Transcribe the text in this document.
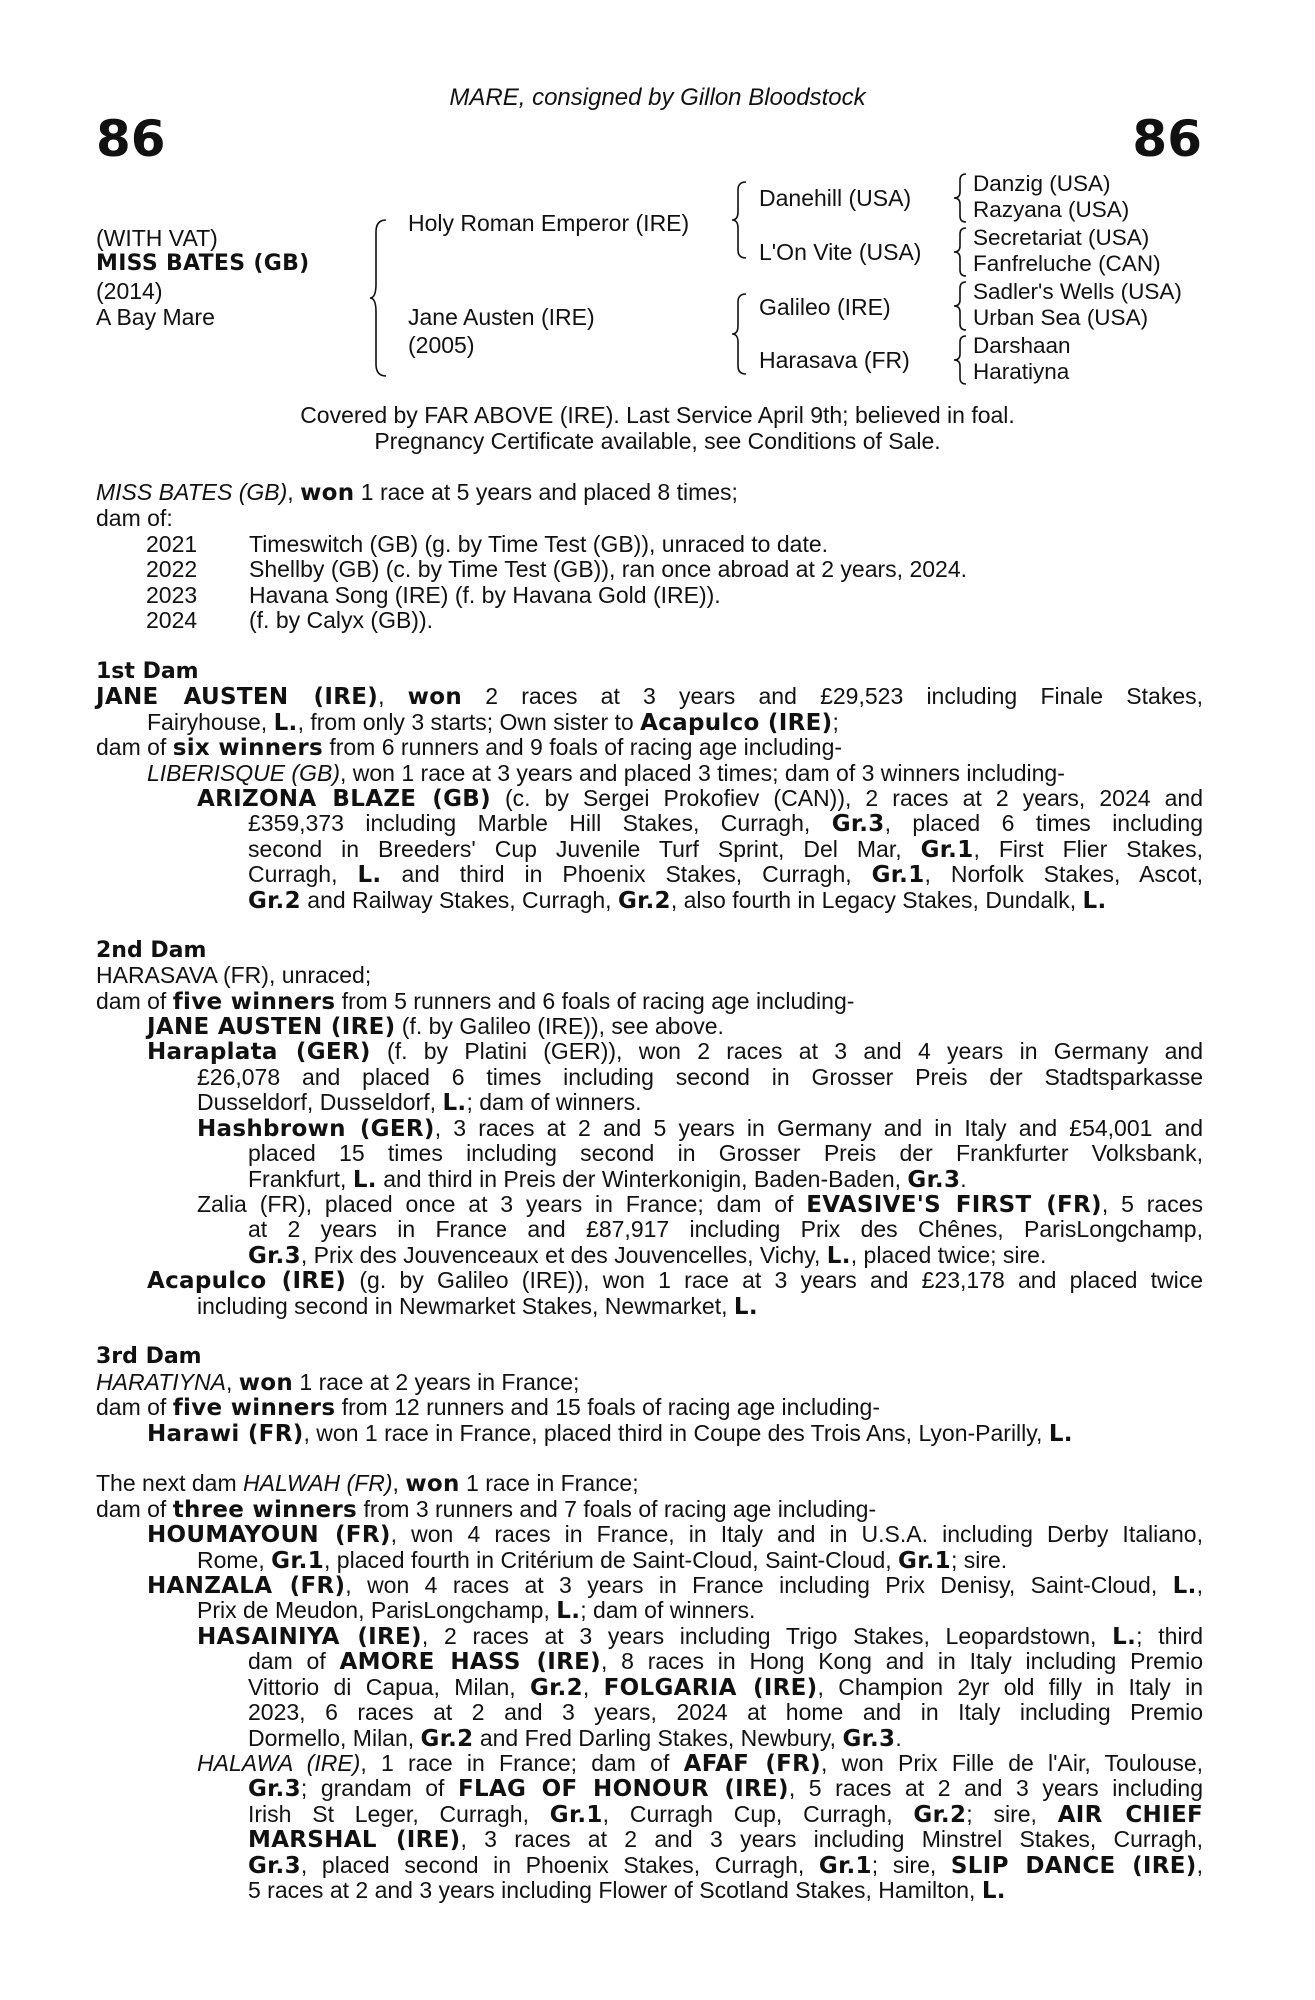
MARE, consigned by Gillon Bloodstock
86	86
(WITH VAT)
MISS BATES (GB)
(2014)
A Bay Mare
Holy Roman Emperor (IRE)
Jane Austen (IRE)
(2005)
Danehill (USA)
L'On Vite (USA)
Galileo (IRE)
Harasava (FR)
Danzig (USA)
Razyana (USA)
Secretariat (USA)
Fanfreluche (CAN)
Sadler's Wells (USA)
Urban Sea (USA)
Darshaan
Haratiyna
Covered by FAR ABOVE (IRE). Last Service April 9th; believed in foal.
Pregnancy Certificate available, see Conditions of Sale.
MISS BATES (GB), won 1 race at 5 years and placed 8 times;
dam of:
2021 Timeswitch (GB) (g. by Time Test (GB)), unraced to date.
2022 Shellby (GB) (c. by Time Test (GB)), ran once abroad at 2 years, 2024.
2023 Havana Song (IRE) (f. by Havana Gold (IRE)).
2024 (f. by Calyx (GB)).
1st Dam
JANE AUSTEN (IRE), won 2 races at 3 years and £29,523 including Finale Stakes,
Fairyhouse, L., from only 3 starts; Own sister to Acapulco (IRE);
dam of six winners from 6 runners and 9 foals of racing age including-
LIBERISQUE (GB), won 1 race at 3 years and placed 3 times; dam of 3 winners including-
ARIZONA BLAZE (GB) (c. by Sergei Prokofiev (CAN)), 2 races at 2 years, 2024 and
£359,373 including Marble Hill Stakes, Curragh, Gr.3, placed 6 times including
second in Breeders' Cup Juvenile Turf Sprint, Del Mar, Gr.1, First Flier Stakes,
Curragh, L. and third in Phoenix Stakes, Curragh, Gr.1, Norfolk Stakes, Ascot,
Gr.2 and Railway Stakes, Curragh, Gr.2, also fourth in Legacy Stakes, Dundalk, L.
2nd Dam
HARASAVA (FR), unraced;
dam of five winners from 5 runners and 6 foals of racing age including-
JANE AUSTEN (IRE) (f. by Galileo (IRE)), see above.
Haraplata (GER) (f. by Platini (GER)), won 2 races at 3 and 4 years in Germany and
£26,078 and placed 6 times including second in Grosser Preis der Stadtsparkasse
Dusseldorf, Dusseldorf, L.; dam of winners.
Hashbrown (GER), 3 races at 2 and 5 years in Germany and in Italy and £54,001 and
placed 15 times including second in Grosser Preis der Frankfurter Volksbank,
Frankfurt, L. and third in Preis der Winterkonigin, Baden-Baden, Gr.3.
Zalia (FR), placed once at 3 years in France; dam of EVASIVE'S FIRST (FR), 5 races
at 2 years in France and £87,917 including Prix des Chênes, ParisLongchamp,
Gr.3, Prix des Jouvenceaux et des Jouvencelles, Vichy, L., placed twice; sire.
Acapulco (IRE) (g. by Galileo (IRE)), won 1 race at 3 years and £23,178 and placed twice
including second in Newmarket Stakes, Newmarket, L.
3rd Dam
HARATIYNA, won 1 race at 2 years in France;
dam of five winners from 12 runners and 15 foals of racing age including-
Harawi (FR), won 1 race in France, placed third in Coupe des Trois Ans, Lyon-Parilly, L.
The next dam HALWAH (FR), won 1 race in France;
dam of three winners from 3 runners and 7 foals of racing age including-
HOUMAYOUN (FR), won 4 races in France, in Italy and in U.S.A. including Derby Italiano,
Rome, Gr.1, placed fourth in Critérium de Saint-Cloud, Saint-Cloud, Gr.1; sire.
HANZALA (FR), won 4 races at 3 years in France including Prix Denisy, Saint-Cloud, L.,
Prix de Meudon, ParisLongchamp, L.; dam of winners.
HASAINIYA (IRE), 2 races at 3 years including Trigo Stakes, Leopardstown, L.; third
dam of AMORE HASS (IRE), 8 races in Hong Kong and in Italy including Premio
Vittorio di Capua, Milan, Gr.2, FOLGARIA (IRE), Champion 2yr old filly in Italy in
2023, 6 races at 2 and 3 years, 2024 at home and in Italy including Premio
Dormello, Milan, Gr.2 and Fred Darling Stakes, Newbury, Gr.3.
HALAWA (IRE), 1 race in France; dam of AFAF (FR), won Prix Fille de l'Air, Toulouse,
Gr.3; grandam of FLAG OF HONOUR (IRE), 5 races at 2 and 3 years including
Irish St Leger, Curragh, Gr.1, Curragh Cup, Curragh, Gr.2; sire, AIR CHIEF
MARSHAL (IRE), 3 races at 2 and 3 years including Minstrel Stakes, Curragh,
Gr.3, placed second in Phoenix Stakes, Curragh, Gr.1; sire, SLIP DANCE (IRE),
5 races at 2 and 3 years including Flower of Scotland Stakes, Hamilton, L.
